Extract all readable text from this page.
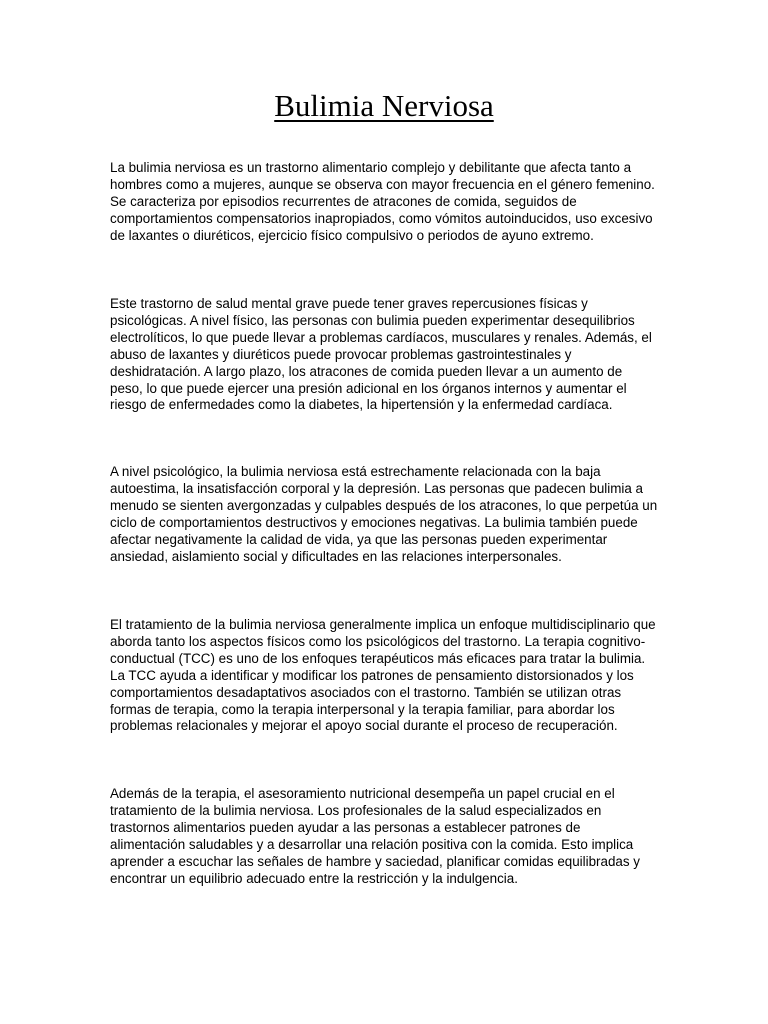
Bulimia Nerviosa

La bulimia nerviosa es un trastorno alimentario complejo y debilitante que afecta tanto a hombres como a mujeres, aunque se observa con mayor frecuencia en el género femenino. Se caracteriza por episodios recurrentes de atracones de comida, seguidos de comportamientos compensatorios inapropiados, como vómitos autoinducidos, uso excesivo de laxantes o diuréticos, ejercicio físico compulsivo o periodos de ayuno extremo.

Este trastorno de salud mental grave puede tener graves repercusiones físicas y psicológicas. A nivel físico, las personas con bulimia pueden experimentar desequilibrios electrolíticos, lo que puede llevar a problemas cardíacos, musculares y renales. Además, el abuso de laxantes y diuréticos puede provocar problemas gastrointestinales y deshidratación. A largo plazo, los atracones de comida pueden llevar a un aumento de peso, lo que puede ejercer una presión adicional en los órganos internos y aumentar el riesgo de enfermedades como la diabetes, la hipertensión y la enfermedad cardíaca.

A nivel psicológico, la bulimia nerviosa está estrechamente relacionada con la baja autoestima, la insatisfacción corporal y la depresión. Las personas que padecen bulimia a menudo se sienten avergonzadas y culpables después de los atracones, lo que perpetúa un ciclo de comportamientos destructivos y emociones negativas. La bulimia también puede afectar negativamente la calidad de vida, ya que las personas pueden experimentar ansiedad, aislamiento social y dificultades en las relaciones interpersonales.

El tratamiento de la bulimia nerviosa generalmente implica un enfoque multidisciplinario que aborda tanto los aspectos físicos como los psicológicos del trastorno. La terapia cognitivo-conductual (TCC) es uno de los enfoques terapéuticos más eficaces para tratar la bulimia. La TCC ayuda a identificar y modificar los patrones de pensamiento distorsionados y los comportamientos desadaptativos asociados con el trastorno. También se utilizan otras formas de terapia, como la terapia interpersonal y la terapia familiar, para abordar los problemas relacionales y mejorar el apoyo social durante el proceso de recuperación.

Además de la terapia, el asesoramiento nutricional desempeña un papel crucial en el tratamiento de la bulimia nerviosa. Los profesionales de la salud especializados en trastornos alimentarios pueden ayudar a las personas a establecer patrones de alimentación saludables y a desarrollar una relación positiva con la comida. Esto implica aprender a escuchar las señales de hambre y saciedad, planificar comidas equilibradas y encontrar un equilibrio adecuado entre la restricción y la indulgencia.
